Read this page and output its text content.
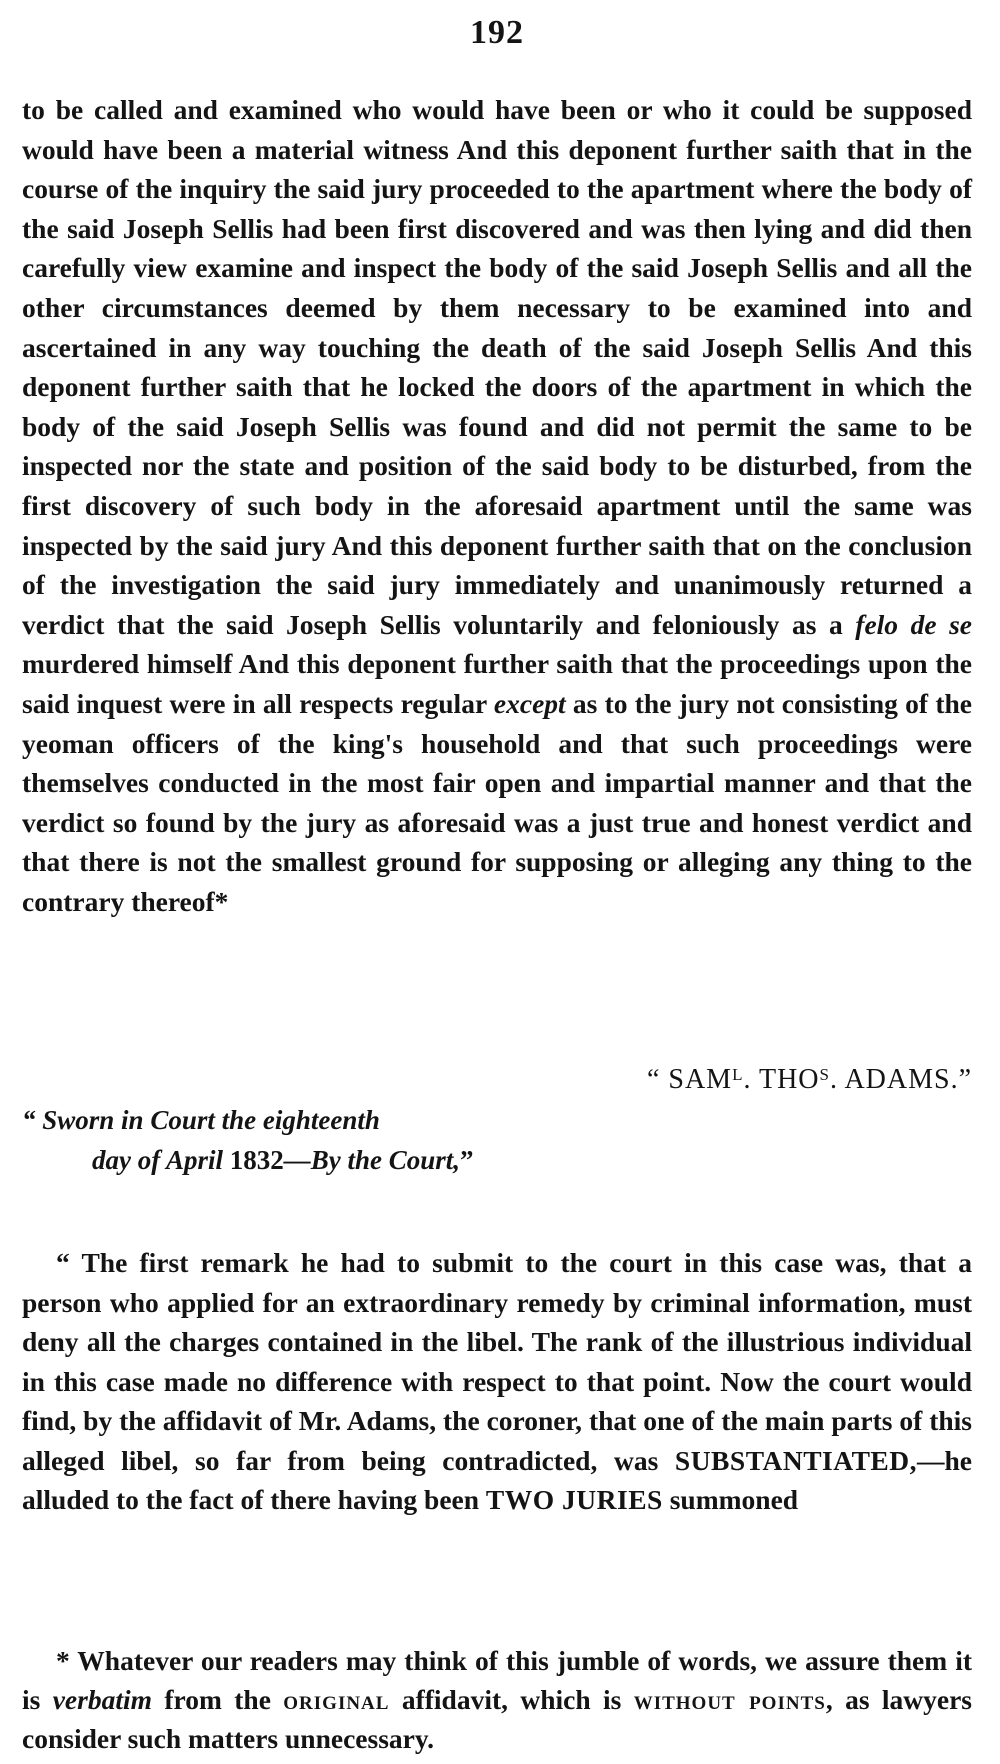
192
to be called and examined who would have been or who it could be supposed would have been a material witness And this deponent further saith that in the course of the inquiry the said jury proceeded to the apartment where the body of the said Joseph Sellis had been first discovered and was then lying and did then carefully view examine and inspect the body of the said Joseph Sellis and all the other circumstances deemed by them necessary to be examined into and ascertained in any way touching the death of the said Joseph Sellis And this deponent further saith that he locked the doors of the apartment in which the body of the said Joseph Sellis was found and did not permit the same to be inspected nor the state and position of the said body to be disturbed, from the first discovery of such body in the aforesaid apartment until the same was inspected by the said jury And this deponent further saith that on the conclusion of the investigation the said jury immediately and unanimously returned a verdict that the said Joseph Sellis voluntarily and feloniously as a felo de se murdered himself And this deponent further saith that the proceedings upon the said inquest were in all respects regular except as to the jury not consisting of the yeoman officers of the king's household and that such proceedings were themselves conducted in the most fair open and impartial manner and that the verdict so found by the jury as aforesaid was a just true and honest verdict and that there is not the smallest ground for supposing or alleging any thing to the contrary thereof*
“ $SAM^L$. $THO^S$. ADAMS.”
“ Sworn in Court the eighteenth
day of April 1832—By the Court,”
“ The first remark he had to submit to the court in this case was, that a person who applied for an extraordinary remedy by criminal information, must deny all the charges contained in the libel. The rank of the illustrious individual in this case made no difference with respect to that point. Now the court would find, by the affidavit of Mr. Adams, the coroner, that one of the main parts of this alleged libel, so far from being contradicted, was SUBSTANTIATED,—he alluded to the fact of there having been TWO JURIES summoned
* Whatever our readers may think of this jumble of words, we assure them it is verbatim from the original affidavit, which is without points, as lawyers consider such matters unnecessary.
